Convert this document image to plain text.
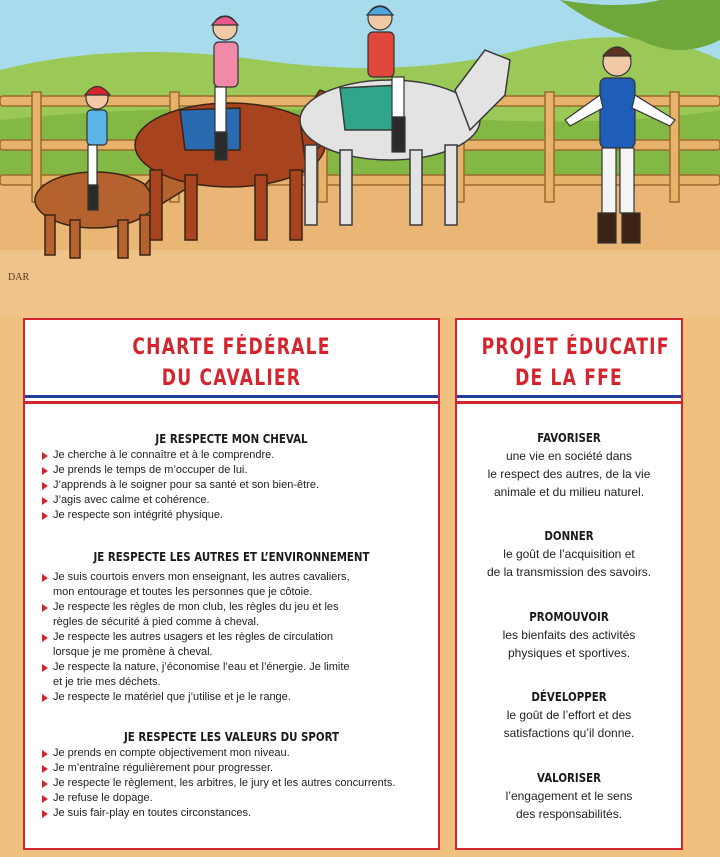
DAR

CHARTE FÉDÉRALE

DU CAVALIER

JE RESPECTE MON CHEVAL
Je cherche à le connaître et à le comprendre.
Je prends le temps de m’occuper de lui.
J’apprends à le soigner pour sa santé et son bien-être.
J’agis avec calme et cohérence.
Je respecte son intégrité physique.
JE RESPECTE LES AUTRES ET L’ENVIRONNEMENT
Je suis courtois envers mon enseignant, les autres cavaliers,
mon entourage et toutes les personnes que je côtoie.
Je respecte les règles de mon club, les règles du jeu et les
règles de sécurité à pied comme à cheval.
Je respecte les autres usagers et les règles de circulation
lorsque je me promène à cheval.
Je respecte la nature, j’économise l’eau et l’énergie. Je limite
et je trie mes déchets.
Je respecte le matériel que j’utilise et je le range.
JE RESPECTE LES VALEURS DU SPORT
Je prends en compte objectivement mon niveau.
Je m’entraîne régulièrement pour progresser.
Je respecte le règlement, les arbitres, le jury et les autres concurrents.
Je refuse le dopage.
Je suis fair-play en toutes circonstances.

PROJET ÉDUCATIF

DE LA FFE

FAVORISER

une vie en société dans
le respect des autres, de la vie
animale et du milieu naturel.

DONNER

le goût de l’acquisition et
de la transmission des savoirs.

PROMOUVOIR

les bienfaits des activités
physiques et sportives.

DÉVELOPPER

le goût de l’effort et des
satisfactions qu’il donne.

VALORISER

l’engagement et le sens
des responsabilités.
